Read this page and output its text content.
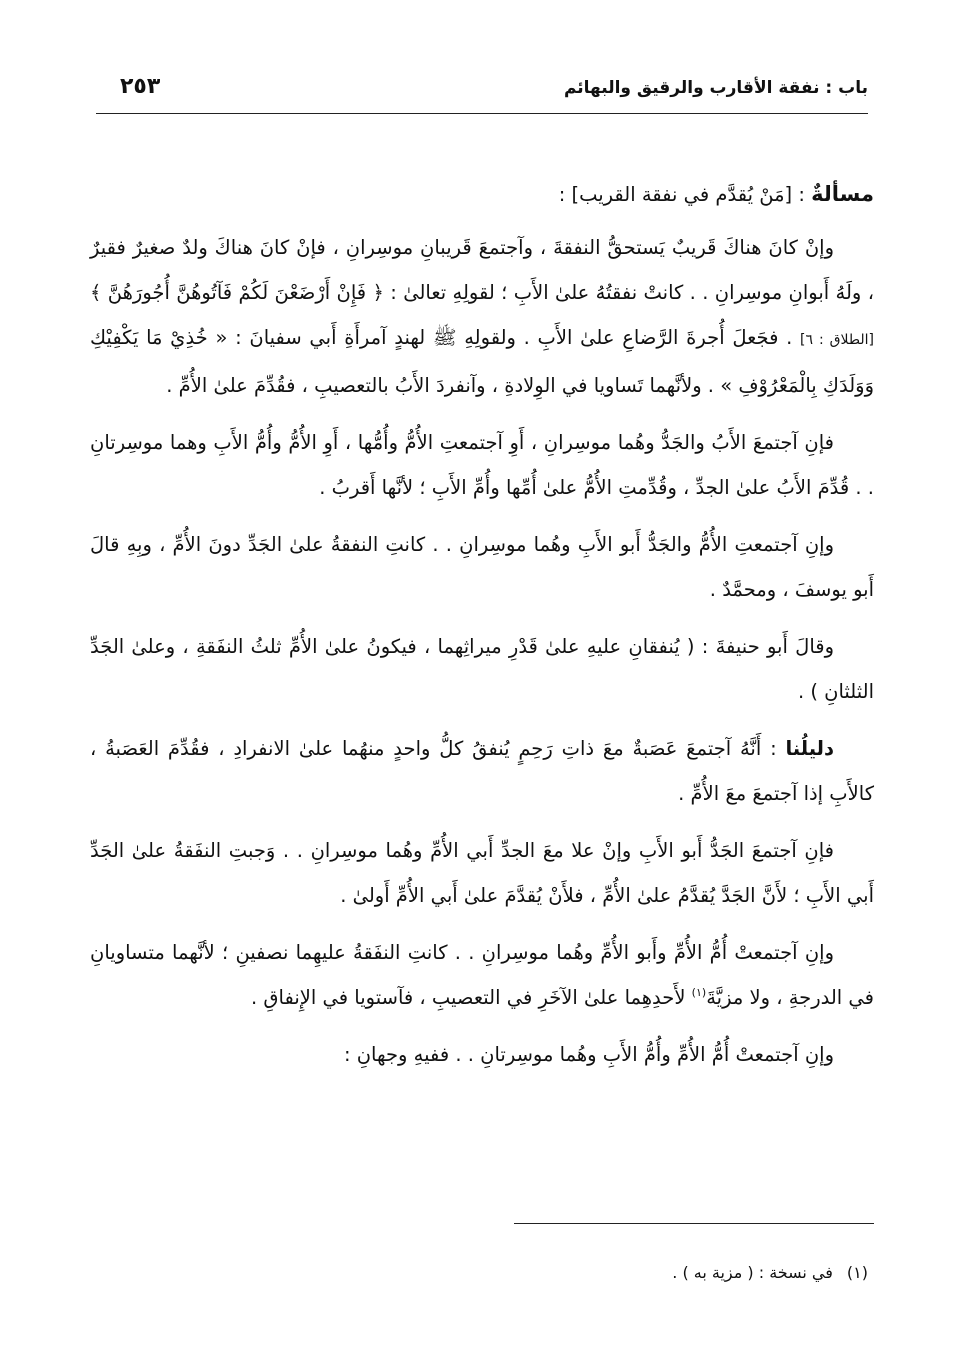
باب : نفقة الأقارب والرقيق والبهائم
٢٥٣

مسألةٌ : [مَنْ يُقدَّم في نفقة القريب] :

وإنْ كانَ هناكَ قَريبٌ يَستحقُّ النفقةَ ، وآجتمعَ قَريبانِ موسِرانِ ، فإنْ كانَ هناكَ ولدٌ صغيرٌ فقيرٌ ، ولَهُ أَبوانِ موسِرانِ . . كانتْ نفقتُهُ علىٰ الأَبِ ؛ لقولِهِ تعالىٰ : ﴿ فَإِنْ أَرْضَعْنَ لَكُمْ فَآتُوهُنَّ أُجُورَهُنَّ ﴾ [الطلاق : ٦] . فجَعلَ أُجرةَ الرَّضاعِ علىٰ الأَبِ . ولقولِهِ ﷺ لهندٍ آمرأَةِ أَبي سفيانَ : « خُذِيْ مَا يَكْفِيْكِ وَوَلَدَكِ بِالْمَعْرُوْفِ » . ولأنَّهما تَساويا في الوِلادةِ ، وآنفردَ الأَبُ بالتعصيبِ ، فقُدِّمَ علىٰ الأُمِّ .

فإنِ آجتمعَ الأَبُ والجَدُّ وهُما موسِرانِ ، أَوِ آجتمعتِ الأُمُّ وأُمُّها ، أَوِ الأُمُّ وأُمُّ الأَبِ وهما موسِرتانِ . . قُدِّمَ الأَبُ علىٰ الجدِّ ، وقُدِّمتِ الأُمُّ علىٰ أُمِّها وأُمِّ الأَبِ ؛ لأنَّها أَقربُ .

وإنِ آجتمعتِ الأُمُّ والجَدُّ أَبو الأَبِ وهُما موسِرانِ . . كانتِ النفقةُ علىٰ الجَدِّ دونَ الأُمِّ ، وبِهِ قالَ أَبو يوسفَ ، ومحمَّدٌ .

وقالَ أَبو حنيفةَ : ( يُنفقانِ عليهِ علىٰ قَدْرِ ميراثِهما ، فيكونُ علىٰ الأُمِّ ثلثُ النفَقةِ ، وعلىٰ الجَدِّ الثلثانِ ) .

دليلُنا : أَنَّهُ آجتمعَ عَصَبةٌ معَ ذاتِ رَحِمٍ يُنفقُ كلُّ واحدٍ منهُما علىٰ الانفرادِ ، فقُدِّمَ العَصَبةُ ، كالأَبِ إذا آجتمعَ معَ الأُمِّ .

فإنِ آجتمعَ الجَدُّ أَبو الأَبِ وإنْ علا معَ الجدِّ أَبي الأُمِّ وهُما موسِرانِ . . وَجبتِ النفَقةُ علىٰ الجَدِّ أَبي الأَبِ ؛ لأَنَّ الجَدَّ يُقدَّمُ علىٰ الأُمِّ ، فلأَنْ يُقدَّمَ علىٰ أَبي الأُمِّ أَولىٰ .

وإنِ آجتمعتْ أُمُّ الأُمِّ وأَبو الأُمِّ وهُما موسِرانِ . . كانتِ النفَقةُ عليهِما نصفينِ ؛ لأنَّهما متساويانِ في الدرجةِ ، ولا مزيَّةَ$^{(١)}$ لأَحدِهِما علىٰ الآخَرِ في التعصيبِ ، فآستويا في الإِنفاقِ .

وإنِ آجتمعتْ أُمُّ الأُمِّ وأُمُّ الأَبِ وهُما موسِرتانِ . . ففيهِ وجهانِ :

(١)في نسخة : ( مزية به ) .
